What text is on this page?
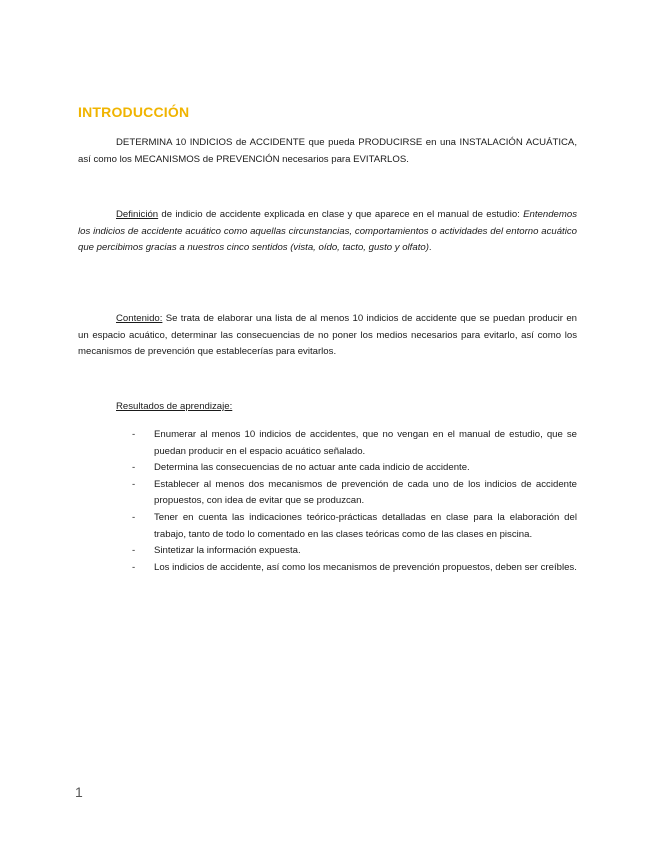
INTRODUCCIÓN
DETERMINA 10 INDICIOS de ACCIDENTE que pueda PRODUCIRSE en una INSTALACIÓN ACUÁTICA, así como los MECANISMOS de PREVENCIÓN necesarios para EVITARLOS.
Definición de indicio de accidente explicada en clase y que aparece en el manual de estudio: Entendemos los indicios de accidente acuático como aquellas circunstancias, comportamientos o actividades del entorno acuático que percibimos gracias a nuestros cinco sentidos (vista, oído, tacto, gusto y olfato).
Contenido: Se trata de elaborar una lista de al menos 10 indicios de accidente que se puedan producir en un espacio acuático, determinar las consecuencias de no poner los medios necesarios para evitarlo, así como los mecanismos de prevención que establecerías para evitarlos.
Resultados de aprendizaje:
- Enumerar al menos 10 indicios de accidentes, que no vengan en el manual de estudio, que se puedan producir en el espacio acuático señalado.
- Determina las consecuencias de no actuar ante cada indicio de accidente.
- Establecer al menos dos mecanismos de prevención de cada uno de los indicios de accidente propuestos, con idea de evitar que se produzcan.
- Tener en cuenta las indicaciones teórico-prácticas detalladas en clase para la elaboración del trabajo, tanto de todo lo comentado en las clases teóricas como de las clases en piscina.
- Sintetizar la información expuesta.
- Los indicios de accidente, así como los mecanismos de prevención propuestos, deben ser creíbles.
1
